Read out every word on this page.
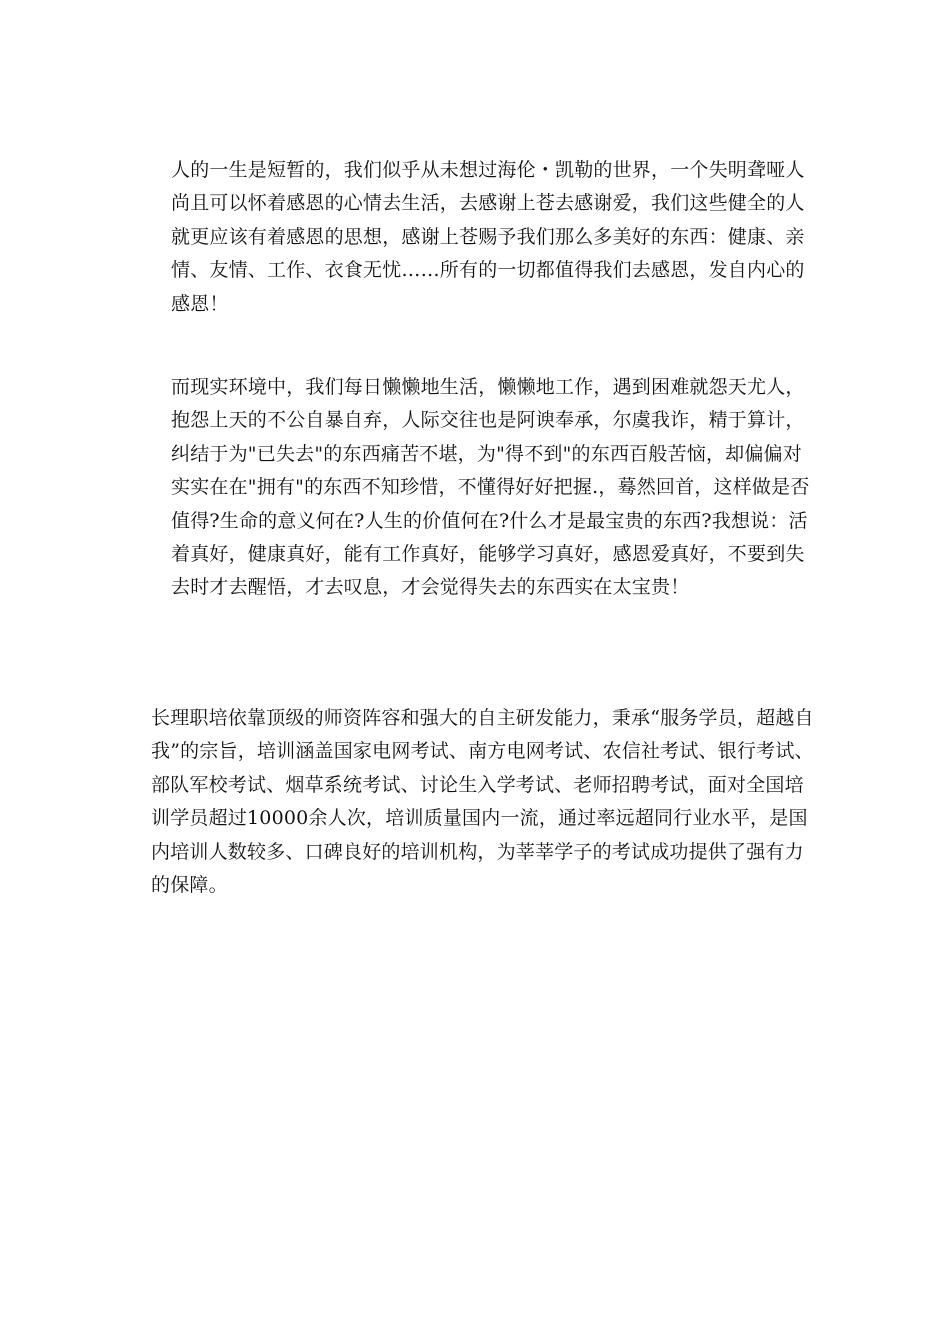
人的一生是短暂的，我们似乎从未想过海伦・凯勒的世界，一个失明聋哑人尚且可以怀着感恩的心情去生活，去感谢上苍去感谢爱，我们这些健全的人就更应该有着感恩的思想，感谢上苍赐予我们那么多美好的东西：健康、亲情、友情、工作、衣食无忧……所有的一切都值得我们去感恩，发自内心的感恩！

而现实环境中，我们每日懒懒地生活，懒懒地工作，遇到困难就怨天尤人，抱怨上天的不公自暴自弃，人际交往也是阿谀奉承，尔虞我诈，精于算计，纠结于为"已失去"的东西痛苦不堪，为"得不到"的东西百般苦恼，却偏偏对实实在在"拥有"的东西不知珍惜，不懂得好好把握.，蓦然回首，这样做是否值得?生命的意义何在?人生的价值何在?什么才是最宝贵的东西?我想说：活着真好，健康真好，能有工作真好，能够学习真好，感恩爱真好，不要到失去时才去醒悟，才去叹息，才会觉得失去的东西实在太宝贵！

长理职培依靠顶级的师资阵容和强大的自主研发能力，秉承“服务学员，超越自我”的宗旨，培训涵盖国家电网考试、南方电网考试、农信社考试、银行考试、部队军校考试、烟草系统考试、讨论生入学考试、老师招聘考试，面对全国培训学员超过10000余人次，培训质量国内一流，通过率远超同行业水平，是国内培训人数较多、口碑良好的培训机构，为莘莘学子的考试成功提供了强有力的保障。
